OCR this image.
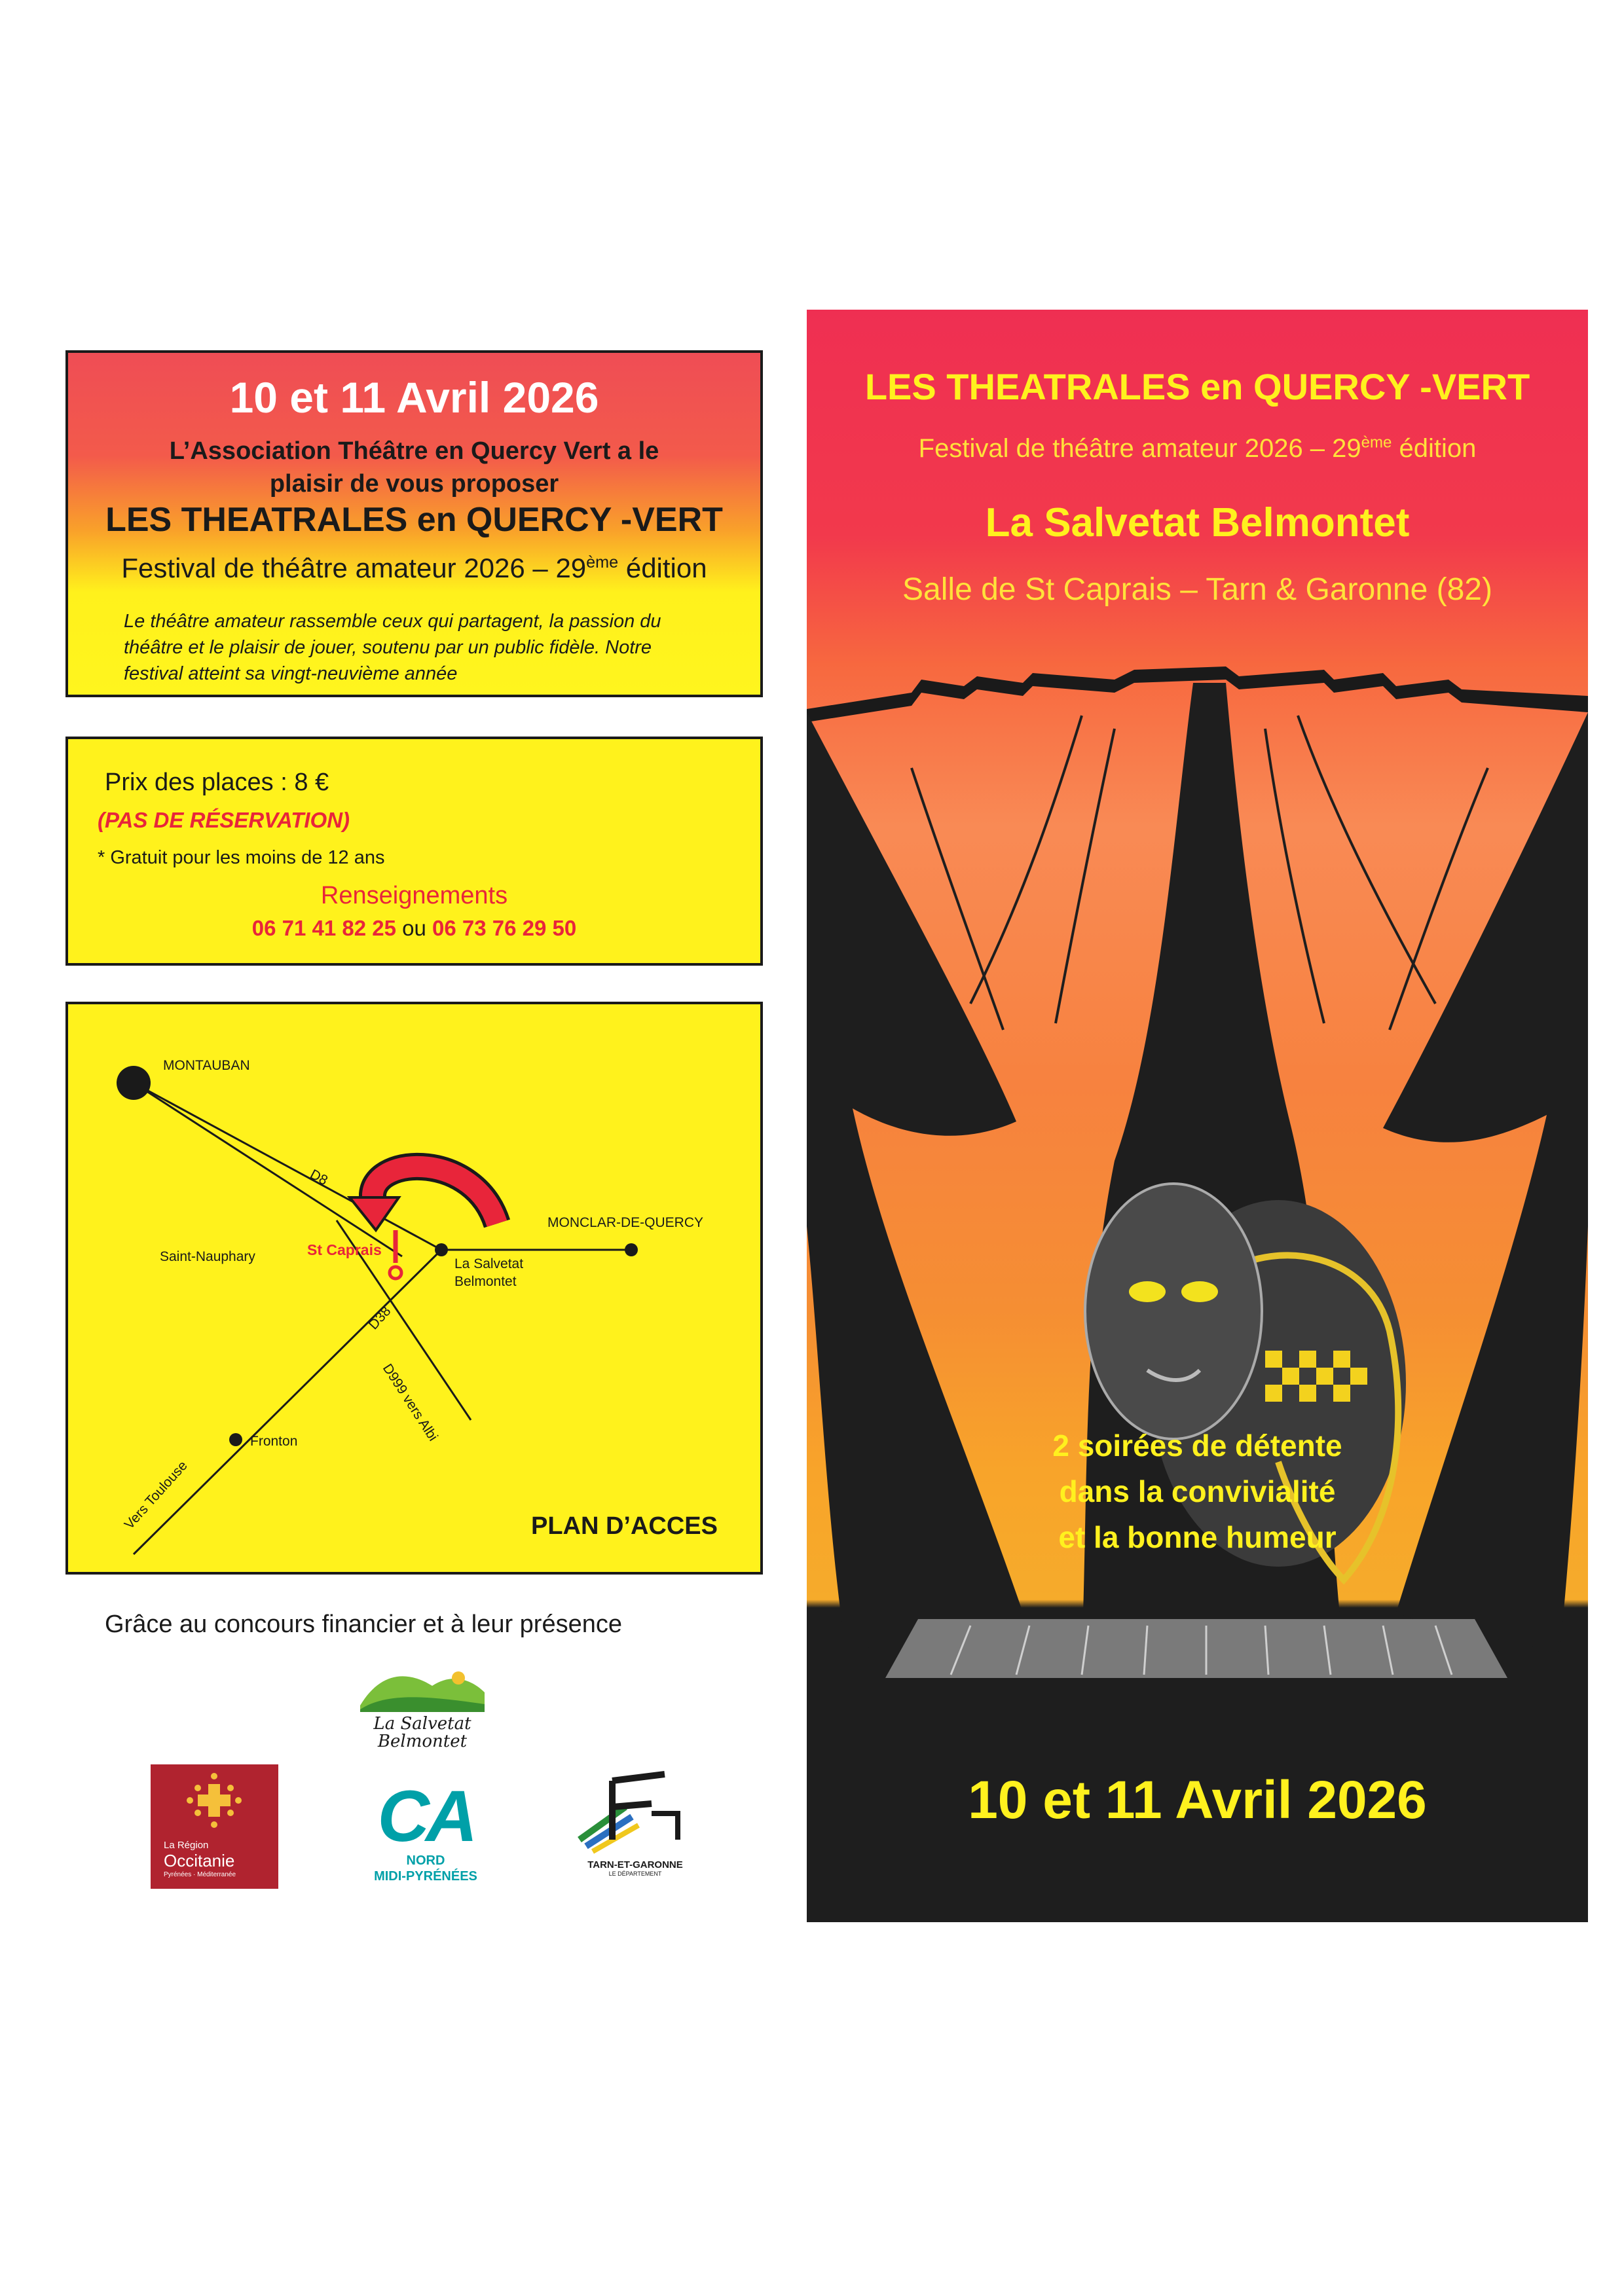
10 et 11 Avril 2026
L’Association Théâtre en Quercy Vert a le
plaisir de vous proposer
LES THEATRALES en QUERCY -VERT
Festival de théâtre amateur 2026 – 29ème édition
Le théâtre amateur rassemble ceux qui partagent, la passion du
théâtre et le plaisir de jouer, soutenu par un public fidèle. Notre
festival atteint sa vingt-neuvième année
Prix des places : 8 €
(PAS DE RÉSERVATION)
* Gratuit pour les moins de 12 ans
Renseignements
06 71 41 82 25 ou 06 73 76 29 50
MONTAUBAN
D8
MONCLAR-DE-QUERCY
Saint-Nauphary	St Caprais
La Salvetat
Belmontet
D38
D999 vers Albi
Fronton
Vers Toulouse	PLAN D’ACCES
Grâce au concours financier et à leur présence
La Salvetat
Belmontet
La Région
Occitanie
Pyrénées · Méditerranée
CA
NORD
MIDI-PYRÉNÉES
TARN-ET-GARONNE
LE DÉPARTEMENT
LES THEATRALES en QUERCY -VERT
Festival de théâtre amateur 2026 – 29ème édition
La Salvetat Belmontet
Salle de St Caprais – Tarn & Garonne (82)
2 soirées de détente
dans la convivialité
et la bonne humeur
10 et 11 Avril 2026
